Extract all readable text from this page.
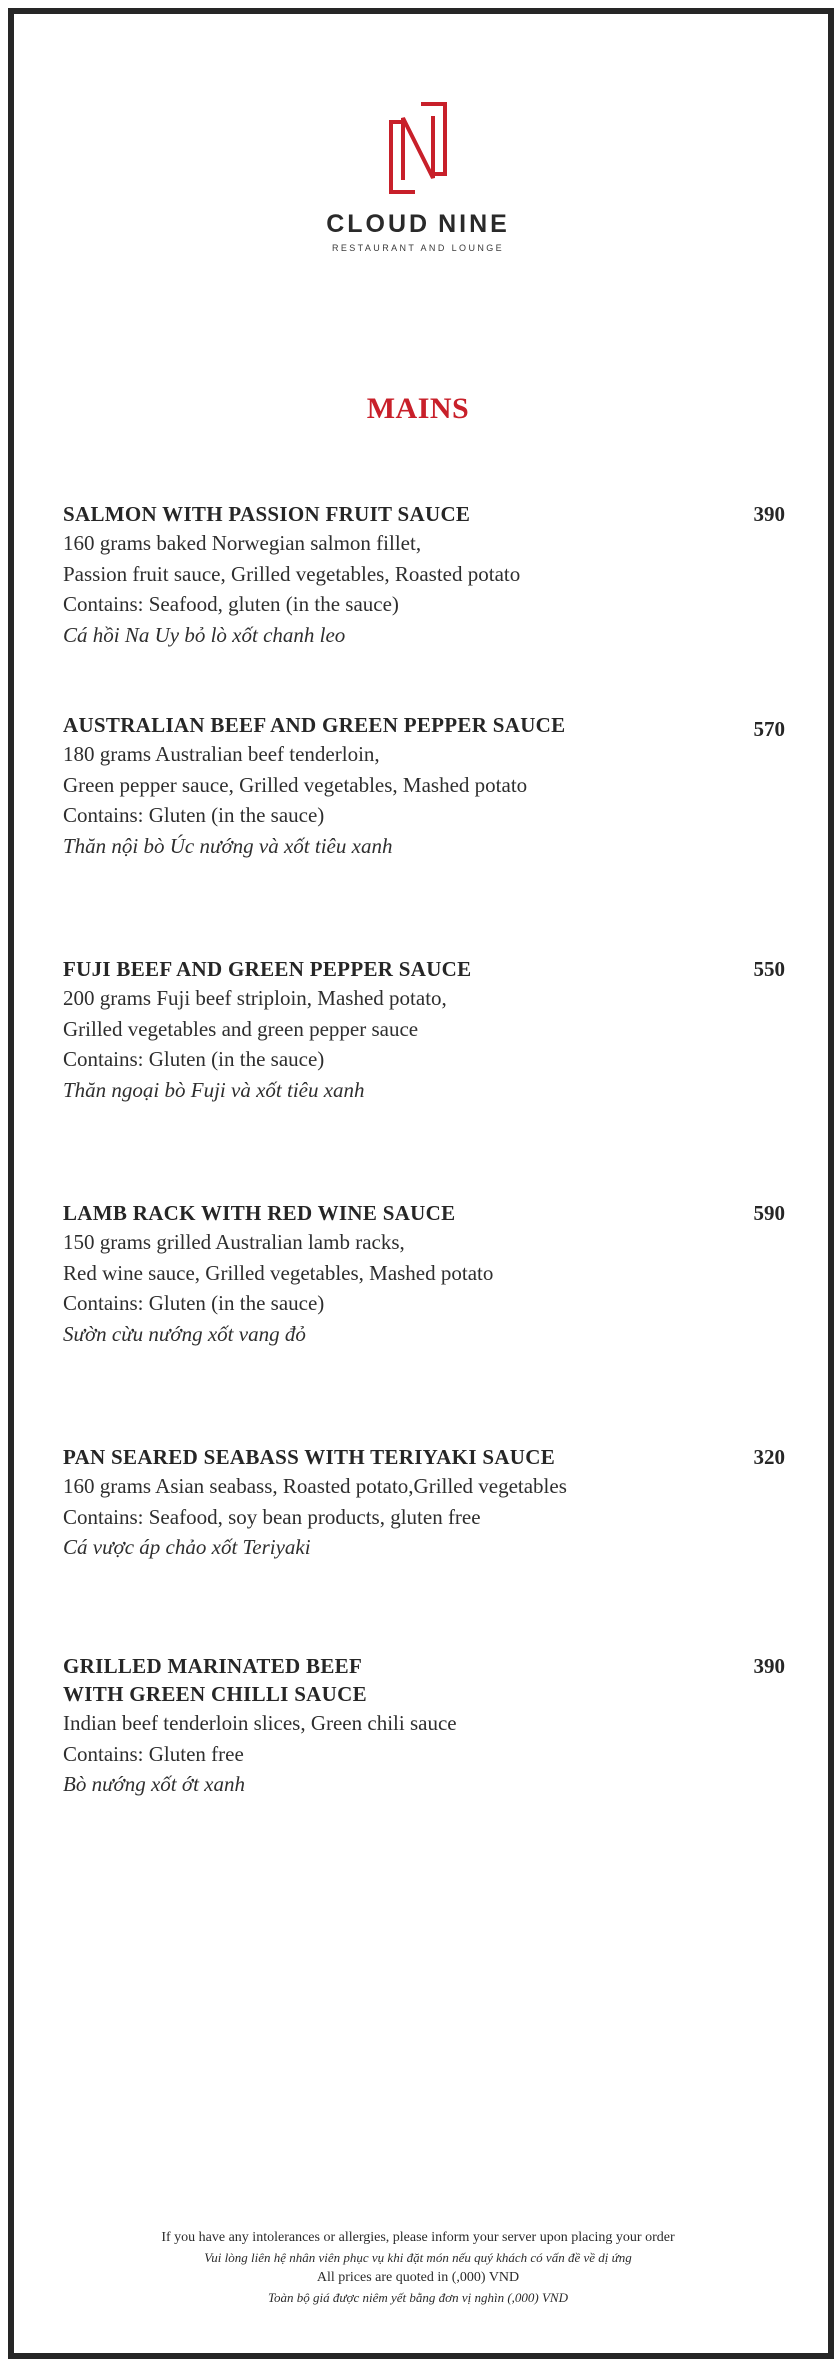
CLOUD NINE
RESTAURANT AND LOUNGE
MAINS
SALMON WITH PASSION FRUIT SAUCE	390
160 grams baked Norwegian salmon fillet,
Passion fruit sauce, Grilled vegetables, Roasted potato
Contains: Seafood, gluten (in the sauce)
Cá hồi Na Uy bỏ lò xốt chanh leo
AUSTRALIAN BEEF AND GREEN PEPPER SAUCE	570
180 grams Australian beef tenderloin,
Green pepper sauce, Grilled vegetables, Mashed potato
Contains: Gluten (in the sauce)
Thăn nội bò Úc nướng và xốt tiêu xanh
FUJI BEEF AND GREEN PEPPER SAUCE	550
200 grams Fuji beef striploin, Mashed potato,
Grilled vegetables and green pepper sauce
Contains: Gluten (in the sauce)
Thăn ngoại bò Fuji và xốt tiêu xanh
LAMB RACK WITH RED WINE SAUCE	590
150 grams grilled Australian lamb racks,
Red wine sauce, Grilled vegetables, Mashed potato
Contains: Gluten (in the sauce)
Sườn cừu nướng xốt vang đỏ
PAN SEARED SEABASS WITH TERIYAKI SAUCE	320
160 grams Asian seabass, Roasted potato,Grilled vegetables
Contains: Seafood, soy bean products, gluten free
Cá vược áp chảo xốt Teriyaki
GRILLED MARINATED BEEF
WITH GREEN CHILLI SAUCE
390
Indian beef tenderloin slices, Green chili sauce
Contains: Gluten free
Bò nướng xốt ớt xanh
If you have any intolerances or allergies, please inform your server upon placing your order
Vui lòng liên hệ nhân viên phục vụ khi đặt món nếu quý khách có vấn đề về dị ứng
All prices are quoted in (,000) VND
Toàn bộ giá được niêm yết bằng đơn vị nghìn (,000) VND
